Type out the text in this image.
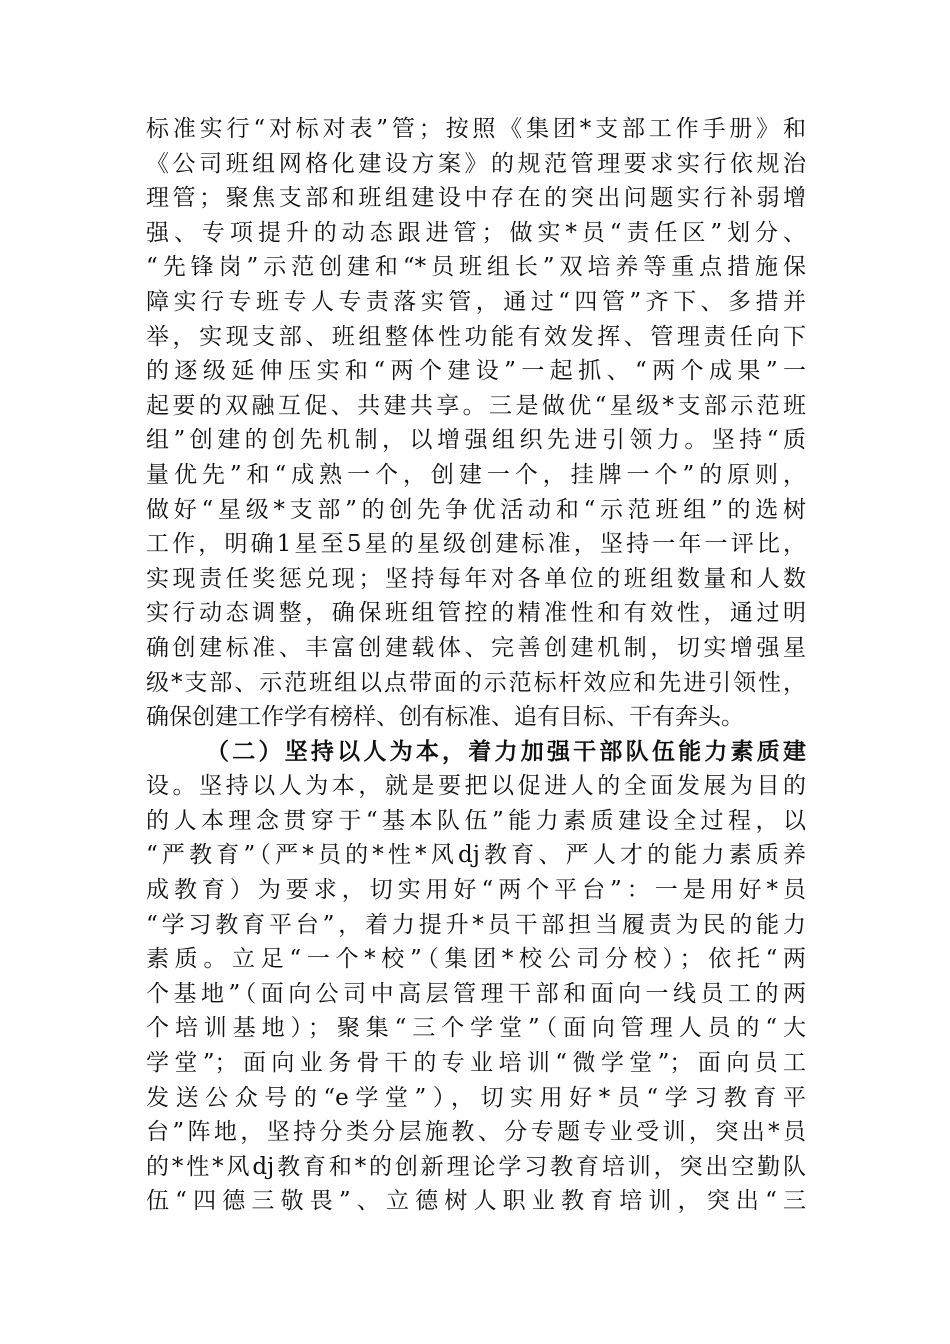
标准实行“对标对表”管；按照《集团*支部工作手册》和
《公司班组网格化建设方案》的规范管理要求实行依规治
理管；聚焦支部和班组建设中存在的突出问题实行补弱增
强、专项提升的动态跟进管；做实*员“责任区”划分、
“先锋岗”示范创建和“*员班组长”双培养等重点措施保
障实行专班专人专责落实管，通过“四管”齐下、多措并
举，实现支部、班组整体性功能有效发挥、管理责任向下
的逐级延伸压实和“两个建设”一起抓、“两个成果”一
起要的双融互促、共建共享。三是做优“星级*支部示范班
组”创建的创先机制，以增强组织先进引领力。坚持“质
量优先”和“成熟一个，创建一个，挂牌一个”的原则，
做好“星级*支部”的创先争优活动和“示范班组”的选树
工作，明确1星至5星的星级创建标准，坚持一年一评比，
实现责任奖惩兑现；坚持每年对各单位的班组数量和人数
实行动态调整，确保班组管控的精准性和有效性，通过明
确创建标准、丰富创建载体、完善创建机制，切实增强星
级*支部、示范班组以点带面的示范标杆效应和先进引领性，
确保创建工作学有榜样、创有标准、追有目标、干有奔头。
（二）坚持以人为本，着力加强干部队伍能力素质建
设。坚持以人为本，就是要把以促进人的全面发展为目的
的人本理念贯穿于“基本队伍”能力素质建设全过程，以
“严教育”（严*员的*性*风dj教育、严人才的能力素质养
成教育）为要求，切实用好“两个平台”：一是用好*员
“学习教育平台”，着力提升*员干部担当履责为民的能力
素质。立足“一个*校”（集团*校公司分校）；依托“两
个基地”（面向公司中高层管理干部和面向一线员工的两
个培训基地）；聚集“三个学堂”（面向管理人员的“大
学堂”；面向业务骨干的专业培训“微学堂”；面向员工
发送公众号的“e学堂”），切实用好*员“学习教育平
台”阵地，坚持分类分层施教、分专题专业受训，突出*员
的*性*风dj教育和*的创新理论学习教育培训，突出空勤队
伍“四德三敬畏”、立德树人职业教育培训，突出“三
